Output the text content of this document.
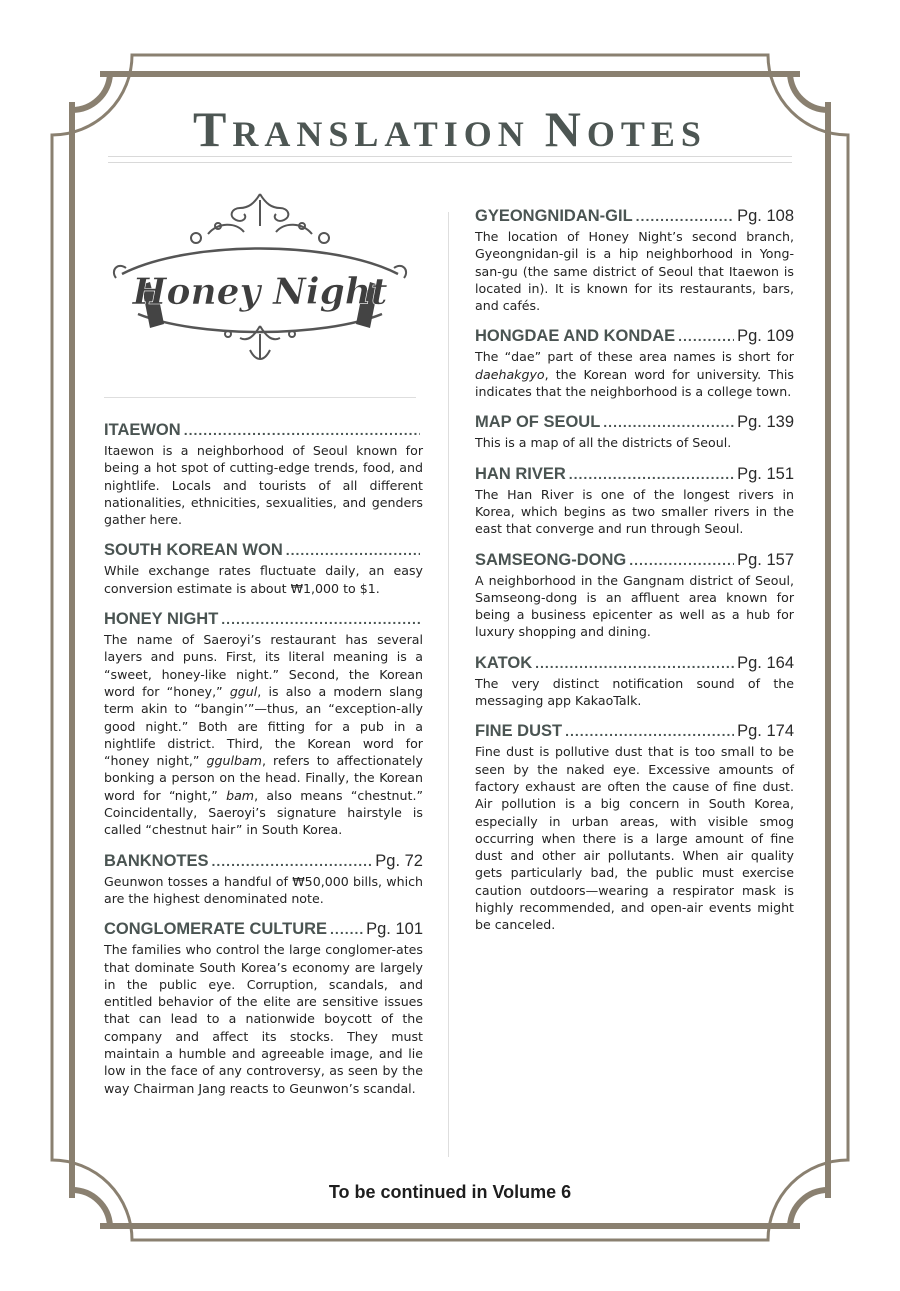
TRANSLATION NOTES
Honey Night
ITAEWON
.....
Itaewon is a neighborhood of Seoul known for being a hot spot of cutting-edge trends, food, and nightlife. Locals and tourists of all different nationalities, ethnicities, sexualities, and genders gather here.
SOUTH KOREAN WON
.....
While exchange rates fluctuate daily, an easy conversion estimate is about ₩1,000 to $1.
HONEY NIGHT
.....
The name of Saeroyi’s restaurant has several layers and puns. First, its literal meaning is a “sweet, honey-like night.” Second, the Korean word for “honey,” ggul, is also a modern slang term akin to “bangin’”—thus, an “exception-ally good night.” Both are fitting for a pub in a nightlife district. Third, the Korean word for “honey night,” ggulbam, refers to affectionately bonking a person on the head. Finally, the Korean word for “night,” bam, also means “chestnut.” Coincidentally, Saeroyi’s signature hairstyle is called “chestnut hair” in South Korea.
BANKNOTES .....	Pg. 72
Geunwon tosses a handful of ₩50,000 bills, which are the highest denominated note.
CONGLOMERATE CULTURE ..... Pg. 101
The families who control the large conglomer-ates that dominate South Korea’s economy are largely in the public eye. Corruption, scandals, and entitled behavior of the elite are sensitive issues that can lead to a nationwide boycott of the company and affect its stocks. They must maintain a humble and agreeable image, and lie low in the face of any controversy, as seen by the way Chairman Jang reacts to Geunwon’s scandal.
GYEONGNIDAN-GIL .....	Pg. 108
The location of Honey Night’s second branch, Gyeongnidan-gil is a hip neighborhood in Yong-san-gu (the same district of Seoul that Itaewon is located in). It is known for its restaurants, bars, and cafés.
HONGDAE AND KONDAE .....	Pg. 109
The “dae” part of these area names is short for daehakgyo, the Korean word for university. This indicates that the neighborhood is a college town.
MAP OF SEOUL .....	Pg. 139
This is a map of all the districts of Seoul.
HAN RIVER .....	Pg. 151
The Han River is one of the longest rivers in Korea, which begins as two smaller rivers in the east that converge and run through Seoul.
SAMSEONG-DONG .....	Pg. 157
A neighborhood in the Gangnam district of Seoul, Samseong-dong is an affluent area known for being a business epicenter as well as a hub for luxury shopping and dining.
KATOK .....	Pg. 164
The very distinct notification sound of the messaging app KakaoTalk.
FINE DUST .....	Pg. 174
Fine dust is pollutive dust that is too small to be seen by the naked eye. Excessive amounts of factory exhaust are often the cause of fine dust. Air pollution is a big concern in South Korea, especially in urban areas, with visible smog occurring when there is a large amount of fine dust and other air pollutants. When air quality gets particularly bad, the public must exercise caution outdoors—wearing a respirator mask is highly recommended, and open-air events might be canceled.
To be continued in Volume 6
